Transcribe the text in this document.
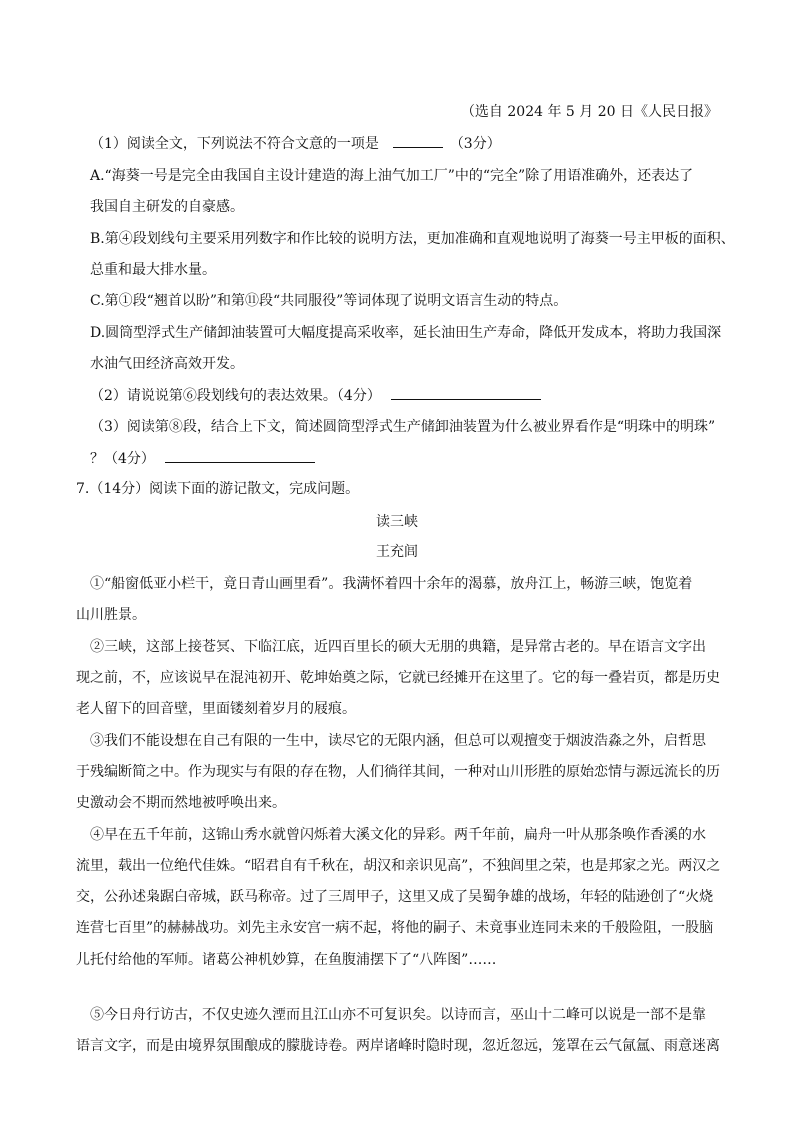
（选自 2024 年 5 月 20 日《人民日报》
（1）阅读全文，下列说法不符合文意的一项是	（3分）
A.“海葵一号是完全由我国自主设计建造的海上油气加工厂”中的“完全”除了用语准确外，还表达了
我国自主研发的自豪感。
B.第④段划线句主要采用列数字和作比较的说明方法，更加准确和直观地说明了海葵一号主甲板的面积、
总重和最大排水量。
C.第①段“翘首以盼”和第⑪段“共同服役”等词体现了说明文语言生动的特点。
D.圆筒型浮式生产储卸油装置可大幅度提高采收率，延长油田生产寿命，降低开发成本，将助力我国深
水油气田经济高效开发。
（2）请说说第⑥段划线句的表达效果。（4分）
（3）阅读第⑧段，结合上下文，简述圆筒型浮式生产储卸油装置为什么被业界看作是“明珠中的明珠”
？（4分）
7.（14分）阅读下面的游记散文，完成问题。
读三峡
王充闾
①“船窗低亚小栏干，竟日青山画里看”。我满怀着四十余年的渴慕，放舟江上，畅游三峡，饱览着
山川胜景。
②三峡，这部上接苍冥、下临江底，近四百里长的硕大无朋的典籍，是异常古老的。早在语言文字出
现之前，不，应该说早在混沌初开、乾坤始奠之际，它就已经摊开在这里了。它的每一叠岩页，都是历史
老人留下的回音壁，里面镂刻着岁月的屐痕。
③我们不能设想在自己有限的一生中，读尽它的无限内涵，但总可以观擅变于烟波浩淼之外，启哲思
于残编断简之中。作为现实与有限的存在物，人们徜徉其间，一种对山川形胜的原始恋情与源远流长的历
史激动会不期而然地被呼唤出来。
④早在五千年前，这锦山秀水就曾闪烁着大溪文化的异彩。两千年前，扁舟一叶从那条唤作香溪的水
流里，载出一位绝代佳姝。“昭君自有千秋在，胡汉和亲识见高”，不独闾里之荣，也是邦家之光。两汉之
交，公孙述枭踞白帝城，跃马称帝。过了三周甲子，这里又成了吴蜀争雄的战场，年轻的陆逊创了“火烧
连营七百里”的赫赫战功。刘先主永安宫一病不起，将他的嗣子、未竟事业连同未来的千般险阻，一股脑
儿托付给他的军师。诸葛公神机妙算，在鱼腹浦摆下了“八阵图”……
⑤今日舟行访古，不仅史迹久湮而且江山亦不可复识矣。以诗而言，巫山十二峰可以说是一部不是靠
语言文字，而是由境界氛围酿成的朦胧诗卷。两岸诸峰时隐时现，忽近忽远，笼罩在云气氤氲、雨意迷离
